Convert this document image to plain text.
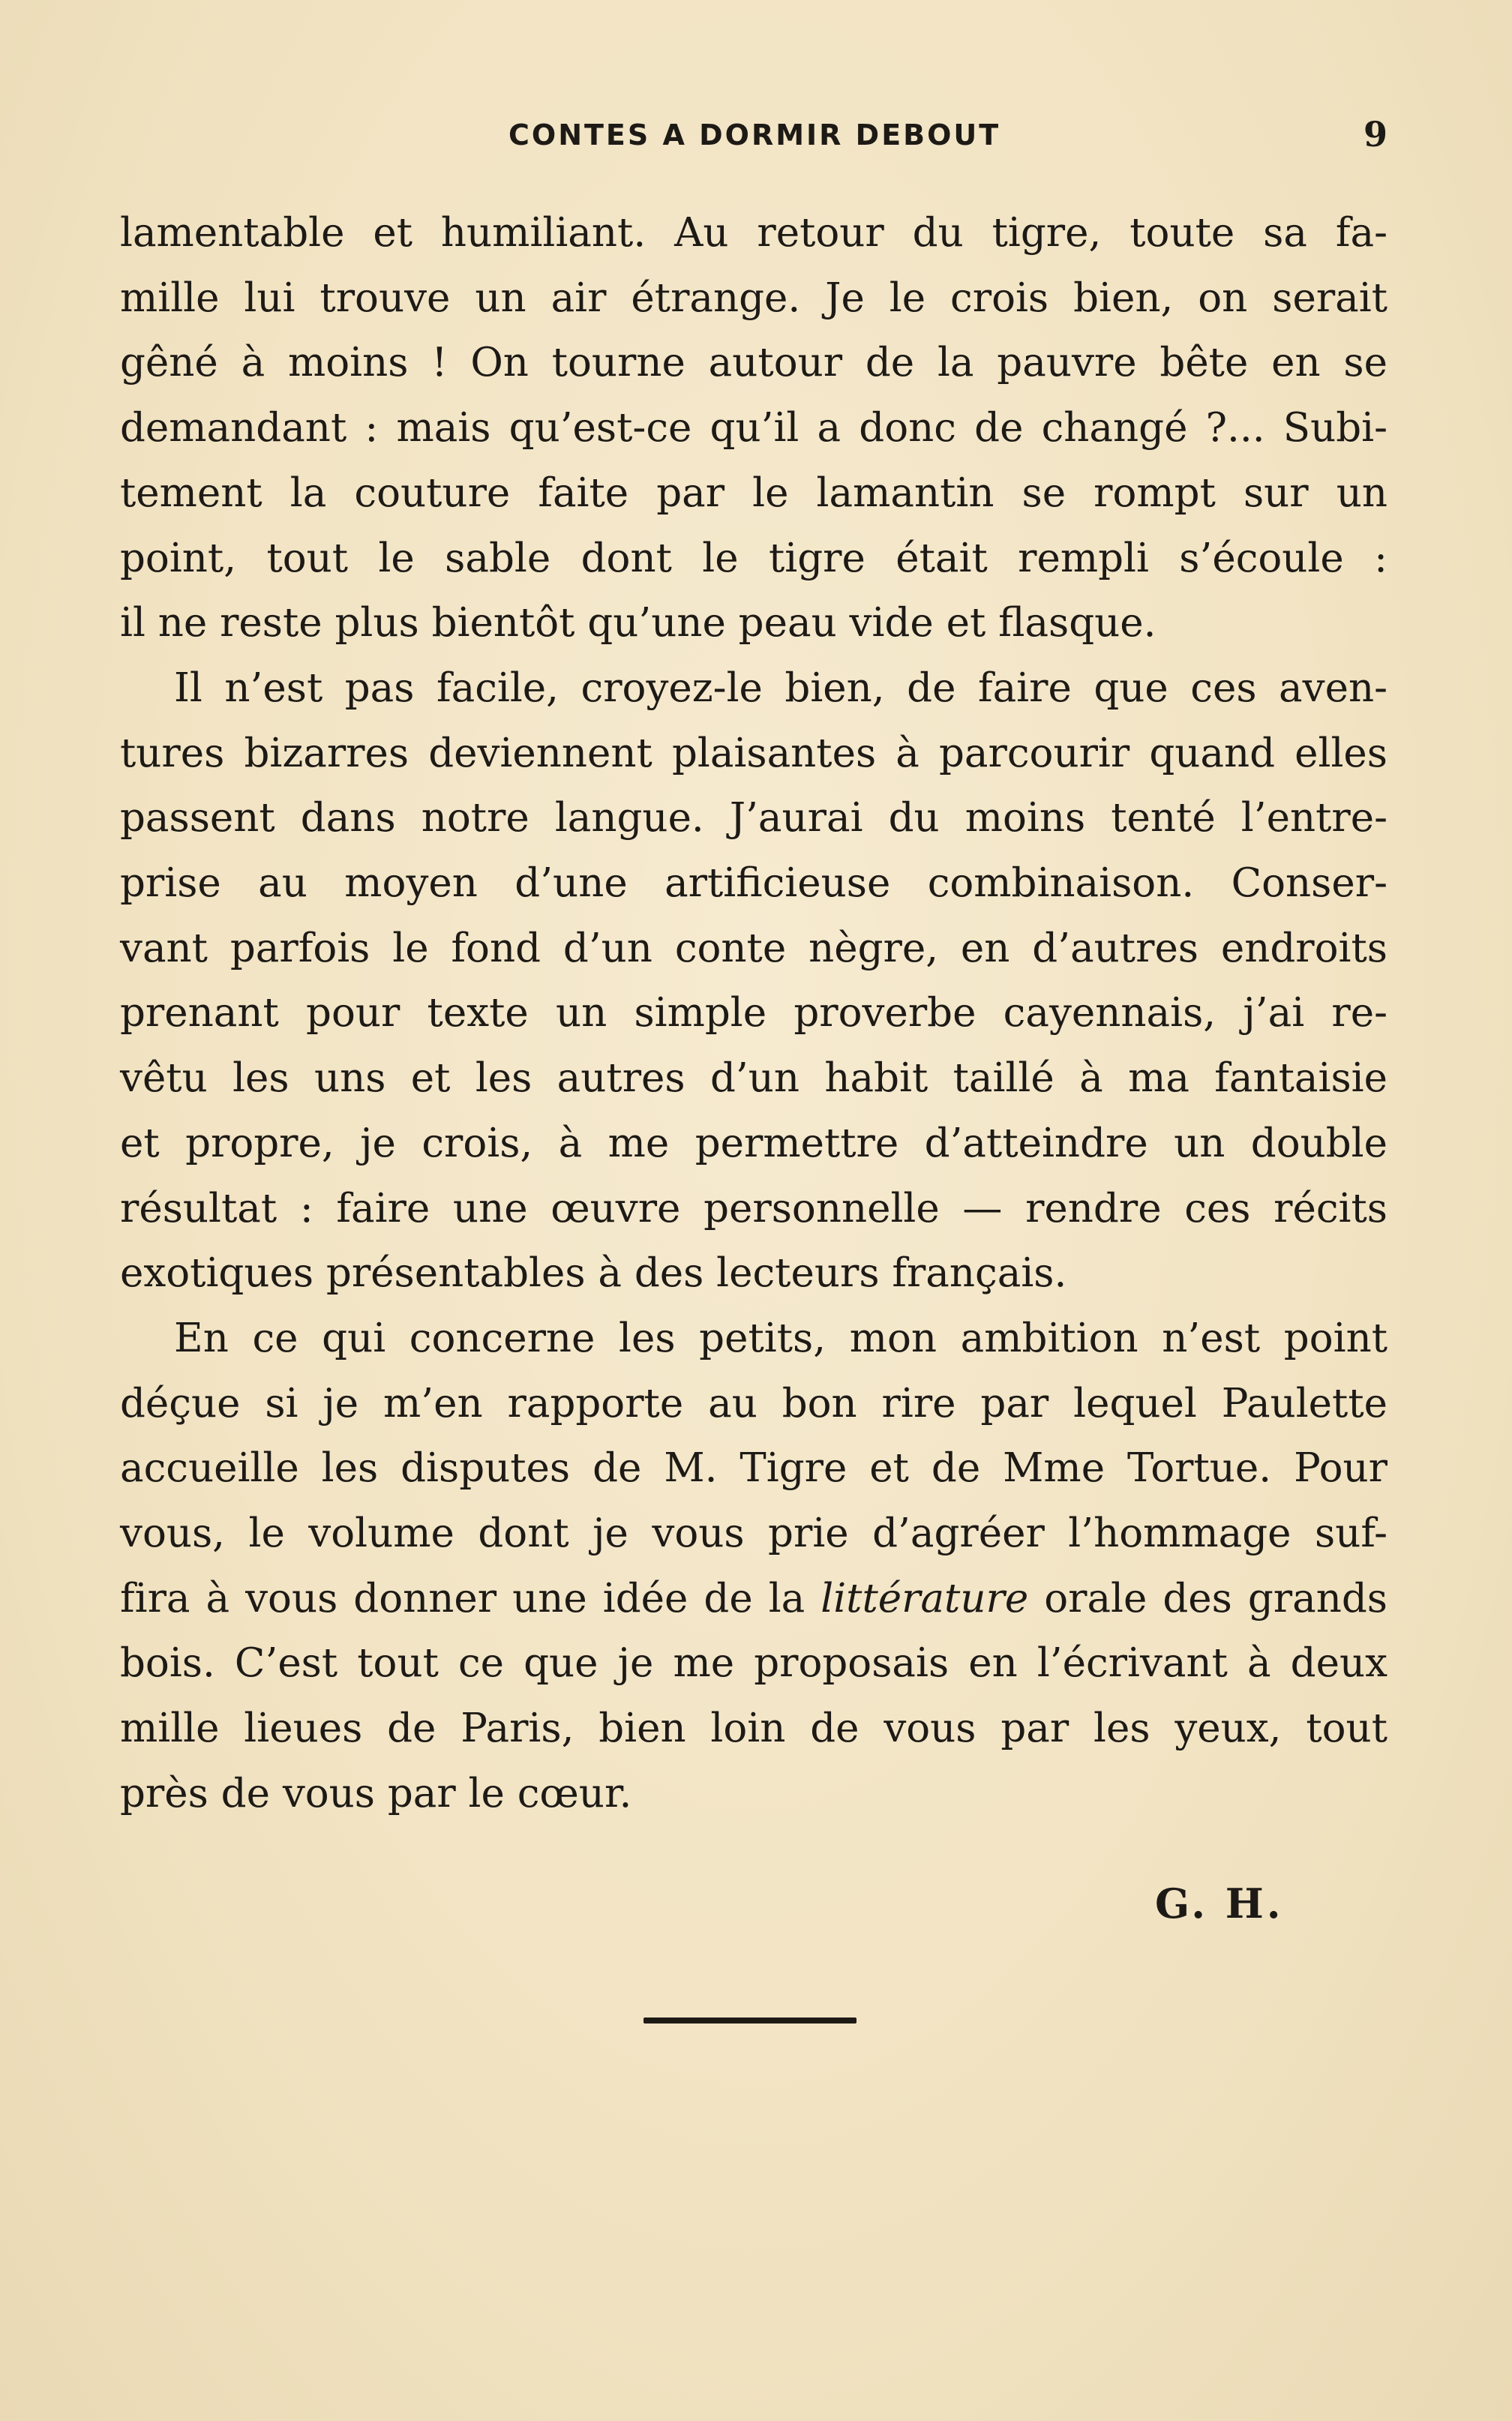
CONTES A DORMIR DEBOUT	9

lamentable et humiliant. Au retour du tigre, toute sa fa-
mille lui trouve un air étrange. Je le crois bien, on serait
gêné à moins ! On tourne autour de la pauvre bête en se
demandant : mais qu’est-ce qu’il a donc de changé ?... Subi-
tement la couture faite par le lamantin se rompt sur un
point, tout le sable dont le tigre était rempli s’écoule :
il ne reste plus bientôt qu’une peau vide et flasque.

Il n’est pas facile, croyez-le bien, de faire que ces aven-
tures bizarres deviennent plaisantes à parcourir quand elles
passent dans notre langue. J’aurai du moins tenté l’entre-
prise au moyen d’une artificieuse combinaison. Conser-
vant parfois le fond d’un conte nègre, en d’autres endroits
prenant pour texte un simple proverbe cayennais, j’ai re-
vêtu les uns et les autres d’un habit taillé à ma fantaisie
et propre, je crois, à me permettre d’atteindre un double
résultat : faire une œuvre personnelle — rendre ces récits
exotiques présentables à des lecteurs français.

En ce qui concerne les petits, mon ambition n’est point
déçue si je m’en rapporte au bon rire par lequel Paulette
accueille les disputes de M. Tigre et de Mme Tortue. Pour
vous, le volume dont je vous prie d’agréer l’hommage suf-
fira à vous donner une idée de la littérature orale des grands
bois. C’est tout ce que je me proposais en l’écrivant à deux
mille lieues de Paris, bien loin de vous par les yeux, tout
près de vous par le cœur.

G. H.
